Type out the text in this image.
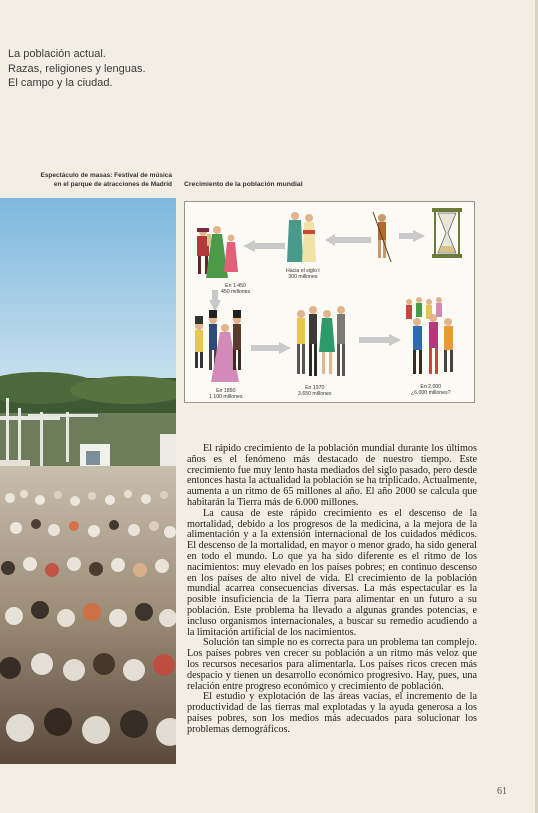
La población actual.
Razas, religiones y lenguas.
El campo y la ciudad.
Espectáculo de masas: Festival de música
en el parque de atracciones de Madrid Crecimiento de la población mundial
En 1.450
450 millones
Hacia el siglo I
300 millones
En 1850
1 100 millones
En 1970
3.650 millones
En 2.000
¿6.000 millones?

El rápido crecimiento de la población mundial durante los últimos años es el fenómeno más destacado de nuestro tiempo. Este crecimiento fue muy lento hasta mediados del siglo pasado, pero desde entonces hasta la actualidad la población se ha triplicado. Actualmente, aumenta a un ritmo de 65 millones al año. El año 2000 se calcula que habitarán la Tierra más de 6.000 millones.

La causa de este rápido crecimiento es el descenso de la mortalidad, debido a los progresos de la medicina, a la mejora de la alimentación y a la extensión internacional de los cuidados médicos. El descenso de la mortalidad, en mayor o menor grado, ha sido general en todo el mundo. Lo que ya ha sido diferente es el ritmo de los nacimientos: muy elevado en los países pobres; en continuo descenso en los países de alto nivel de vida. El crecimiento de la población mundial acarrea consecuencias diversas. La más espectacular es la posible insuficiencia de la Tierra para alimentar en un futuro a su población. Este problema ha llevado a algunas grandes potencias, e incluso organismos internacionales, a buscar su remedio acudiendo a la limitación artificial de los nacimientos.

Solución tan simple no es correcta para un problema tan complejo. Los países pobres ven crecer su población a un ritmo más veloz que los recursos necesarios para alimentarla. Los países ricos crecen más despacio y tienen un desarrollo económico progresivo. Hay, pues, una relación entre progreso económico y crecimiento de población.

El estudio y explotación de las áreas vacías, el incremento de la productividad de las tierras mal explotadas y la ayuda generosa a los países pobres, son los medios más adecuados para solucionar los problemas demográficos.

61
